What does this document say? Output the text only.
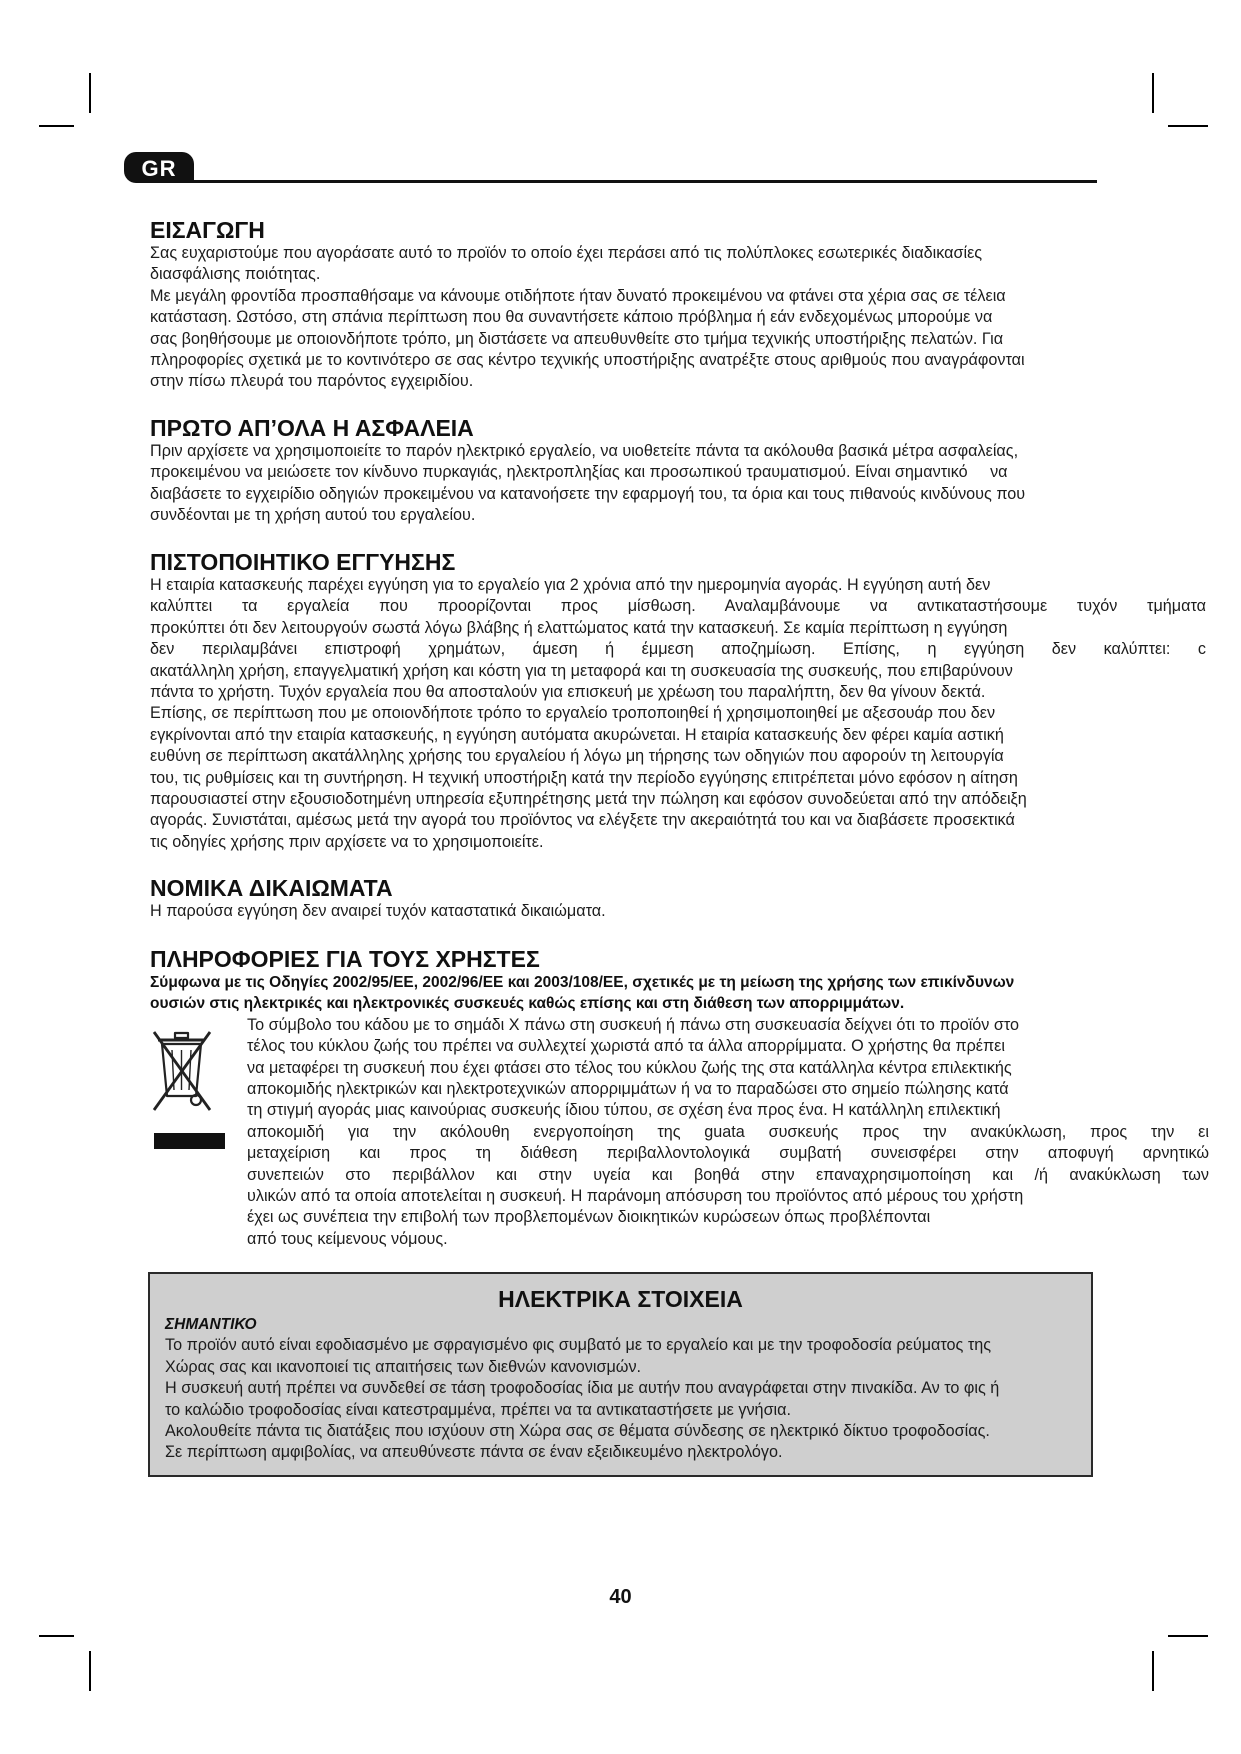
GR
ΕΙΣΑΓΩΓΗ
Σας ευχαριστούμε που αγοράσατε αυτό το προϊόν το οποίο έχει περάσει από τις πολύπλοκες εσωτερικές διαδικασίες
διασφάλισης ποιότητας.
Με μεγάλη φροντίδα προσπαθήσαμε να κάνουμε οτιδήποτε ήταν δυνατό προκειμένου να φτάνει στα χέρια σας σε τέλεια
κατάσταση. Ωστόσο, στη σπάνια περίπτωση που θα συναντήσετε κάποιο πρόβλημα ή εάν ενδεχομένως μπορούμε να
σας βοηθήσουμε με οποιονδήποτε τρόπο, μη διστάσετε να απευθυνθείτε στο τμήμα τεχνικής υποστήριξης πελατών. Για
πληροφορίες σχετικά με το κοντινότερο σε σας κέντρο τεχνικής υποστήριξης ανατρέξτε στους αριθμούς που αναγράφονται
στην πίσω πλευρά του παρόντος εγχειριδίου.
ΠΡΩΤΟ ΑΠ’ΟΛΑ Η ΑΣΦΑΛΕΙΑ
Πριν αρχίσετε να χρησιμοποιείτε το παρόν ηλεκτρικό εργαλείο, να υιοθετείτε πάντα τα ακόλουθα βασικά μέτρα ασφαλείας,
προκειμένου να μειώσετε τον κίνδυνο πυρκαγιάς, ηλεκτροπληξίας και προσωπικού τραυματισμού. Είναι σημαντικό     να
διαβάσετε το εγχειρίδιο οδηγιών προκειμένου να κατανοήσετε την εφαρμογή του, τα όρια και τους πιθανούς κινδύνους που
συνδέονται με τη χρήση αυτού του εργαλείου.
ΠΙΣΤΟΠΟΙΗΤΙΚΟ ΕΓΓΥΗΣΗΣ
Η εταιρία κατασκευής παρέχει εγγύηση για το εργαλείο για 2 χρόνια από την ημερομηνία αγοράς. Η εγγύηση αυτή δεν
καλύπτει τα εργαλεία που προορίζονται προς μίσθωση. Αναλαμβάνουμε να αντικαταστήσουμε τυχόν τμήματα
προκύπτει ότι δεν λειτουργούν σωστά λόγω βλάβης ή ελαττώματος κατά την κατασκευή. Σε καμία περίπτωση η εγγύηση
δεν περιλαμβάνει επιστροφή χρημάτων, άμεση ή έμμεση αποζημίωση. Επίσης, η εγγύηση δεν καλύπτει: c
ακατάλληλη χρήση, επαγγελματική χρήση και κόστη για τη μεταφορά και τη συσκευασία της συσκευής, που επιβαρύνουν
πάντα το χρήστη. Τυχόν εργαλεία που θα αποσταλούν για επισκευή με χρέωση του παραλήπτη, δεν θα γίνουν δεκτά.
Επίσης, σε περίπτωση που με οποιονδήποτε τρόπο το εργαλείο τροποποιηθεί ή χρησιμοποιηθεί με αξεσουάρ που δεν
εγκρίνονται από την εταιρία κατασκευής, η εγγύηση αυτόματα ακυρώνεται. Η εταιρία κατασκευής δεν φέρει καμία αστική
ευθύνη σε περίπτωση ακατάλληλης χρήσης του εργαλείου ή λόγω μη τήρησης των οδηγιών που αφορούν τη λειτουργία
του, τις ρυθμίσεις και τη συντήρηση. Η τεχνική υποστήριξη κατά την περίοδο εγγύησης επιτρέπεται μόνο εφόσον η αίτηση
παρουσιαστεί στην εξουσιοδοτημένη υπηρεσία εξυπηρέτησης μετά την πώληση και εφόσον συνοδεύεται από την απόδειξη
αγοράς. Συνιστάται, αμέσως μετά την αγορά του προϊόντος να ελέγξετε την ακεραιότητά του και να διαβάσετε προσεκτικά
τις οδηγίες χρήσης πριν αρχίσετε να το χρησιμοποιείτε.
ΝΟΜΙΚΑ ΔΙΚΑΙΩΜΑΤΑ
Η παρούσα εγγύηση δεν αναιρεί τυχόν καταστατικά δικαιώματα.
ΠΛΗΡΟΦΟΡΙΕΣ ΓΙΑ ΤΟΥΣ ΧΡΗΣΤΕΣ
Σύμφωνα με τις Οδηγίες 2002/95/ΕΕ, 2002/96/ΕΕ και 2003/108/ΕΕ, σχετικές με τη μείωση της χρήσης των επικίνδυνων
ουσιών στις ηλεκτρικές και ηλεκτρονικές συσκευές καθώς επίσης και στη διάθεση των απορριμμάτων.
Το σύμβολο του κάδου με το σημάδι Χ πάνω στη συσκευή ή πάνω στη συσκευασία δείχνει ότι το προϊόν στο
τέλος του κύκλου ζωής του πρέπει να συλλεχτεί χωριστά από τα άλλα απορρίμματα. Ο χρήστης θα πρέπει
να μεταφέρει τη συσκευή που έχει φτάσει στο τέλος του κύκλου ζωής της στα κατάλληλα κέντρα επιλεκτικής
αποκομιδής ηλεκτρικών και ηλεκτροτεχνικών απορριμμάτων ή να το παραδώσει στο σημείο πώλησης κατά
τη στιγμή αγοράς μιας καινούριας συσκευής ίδιου τύπου, σε σχέση ένα προς ένα. Η κατάλληλη επιλεκτική
αποκομιδή για την ακόλουθη ενεργοποίηση της guata συσκευής προς την ανακύκλωση, προς την ει
μεταχείριση και προς τη διάθεση περιβαλλοντολογικά συμβατή συνεισφέρει στην αποφυγή αρνητικώ
συνεπειών στο περιβάλλον και στην υγεία και βοηθά στην επαναχρησιμοποίηση και /ή ανακύκλωση των
υλικών από τα οποία αποτελείται η συσκευή. Η παράνομη απόσυρση του προϊόντος από μέρους του χρήστη
έχει ως συνέπεια την επιβολή των προβλεπομένων διοικητικών κυρώσεων όπως προβλέπονται
από τους κείμενους νόμους.
ΗΛΕΚΤΡΙΚΑ ΣΤΟΙΧΕΙΑ
ΣΗΜΑΝΤΙΚΟ
Το προϊόν αυτό είναι εφοδιασμένο με σφραγισμένο φις συμβατό με το εργαλείο και με την τροφοδοσία ρεύματος της
Χώρας σας και ικανοποιεί τις απαιτήσεις των διεθνών κανονισμών.
Η συσκευή αυτή πρέπει να συνδεθεί σε τάση τροφοδοσίας ίδια με αυτήν που αναγράφεται στην πινακίδα. Αν το φις ή
το καλώδιο τροφοδοσίας είναι κατεστραμμένα, πρέπει να τα αντικαταστήσετε με γνήσια.
Ακολουθείτε πάντα τις διατάξεις που ισχύουν στη Χώρα σας σε θέματα σύνδεσης σε ηλεκτρικό δίκτυο τροφοδοσίας.
Σε περίπτωση αμφιβολίας, να απευθύνεστε πάντα σε έναν εξειδικευμένο ηλεκτρολόγο.
40
